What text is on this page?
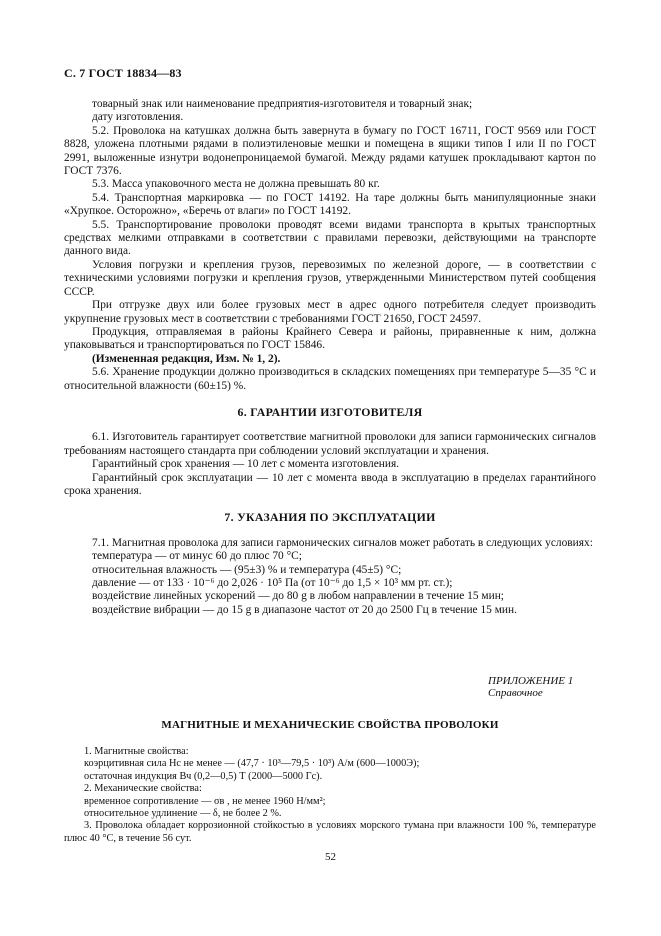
С. 7 ГОСТ 18834—83

товарный знак или наименование предприятия-изготовителя и товарный знак;

дату изготовления.

5.2. Проволока на катушках должна быть завернута в бумагу по ГОСТ 16711, ГОСТ 9569 или ГОСТ 8828, уложена плотными рядами в полиэтиленовые мешки и помещена в ящики типов I или II по ГОСТ 2991, выложенные изнутри водонепроницаемой бумагой. Между рядами катушек прокладывают картон по ГОСТ 7376.

5.3. Масса упаковочного места не должна превышать 80 кг.

5.4. Транспортная маркировка — по ГОСТ 14192. На таре должны быть манипуляционные знаки «Хрупкое. Осторожно», «Беречь от влаги» по ГОСТ 14192.

5.5. Транспортирование проволоки проводят всеми видами транспорта в крытых транспортных средствах мелкими отправками в соответствии с правилами перевозки, действующими на транспорте данного вида.

Условия погрузки и крепления грузов, перевозимых по железной дороге, — в соответствии с техническими условиями погрузки и крепления грузов, утвержденными Министерством путей сообщения СССР.

При отгрузке двух или более грузовых мест в адрес одного потребителя следует производить укрупнение грузовых мест в соответствии с требованиями ГОСТ 21650, ГОСТ 24597.

Продукция, отправляемая в районы Крайнего Севера и районы, приравненные к ним, должна упаковываться и транспортироваться по ГОСТ 15846.

(Измененная редакция, Изм. № 1, 2).

5.6. Хранение продукции должно производиться в складских помещениях при температуре 5—35 °С и относительной влажности (60±15) %.

6. ГАРАНТИИ ИЗГОТОВИТЕЛЯ

6.1. Изготовитель гарантирует соответствие магнитной проволоки для записи гармонических сигналов требованиям настоящего стандарта при соблюдении условий эксплуатации и хранения.

Гарантийный срок хранения — 10 лет с момента изготовления.

Гарантийный срок эксплуатации — 10 лет с момента ввода в эксплуатацию в пределах гарантийного срока хранения.

7. УКАЗАНИЯ ПО ЭКСПЛУАТАЦИИ

7.1. Магнитная проволока для записи гармонических сигналов может работать в следующих условиях:

температура — от минус 60 до плюс 70 °С;

относительная влажность — (95±3) % и температура (45±5) °С;

давление — от 133 · 10⁻⁶ до 2,026 · 10⁵ Па (от 10⁻⁶ до 1,5 × 10³ мм рт. ст.);

воздействие линейных ускорений — до 80 g в любом направлении в течение 15 мин;

воздействие вибрации — до 15 g в диапазоне частот от 20 до 2500 Гц в течение 15 мин.

ПРИЛОЖЕНИЕ 1
Справочное
МАГНИТНЫЕ И МЕХАНИЧЕСКИЕ СВОЙСТВА ПРОВОЛОКИ

1. Магнитные свойства:

коэрцитивная сила Hc не менее — (47,7 · 10³—79,5 · 10³) А/м (600—1000Э);

остаточная индукция Вч (0,2—0,5) Т (2000—5000 Гс).

2. Механические свойства:

временное сопротивление — σв , не менее 1960 Н/мм²;

относительное удлинение — δ, не более 2 %.

3. Проволока обладает коррозионной стойкостью в условиях морского тумана при влажности 100 %, температуре плюс 40 °С, в течение 56 сут.

52
